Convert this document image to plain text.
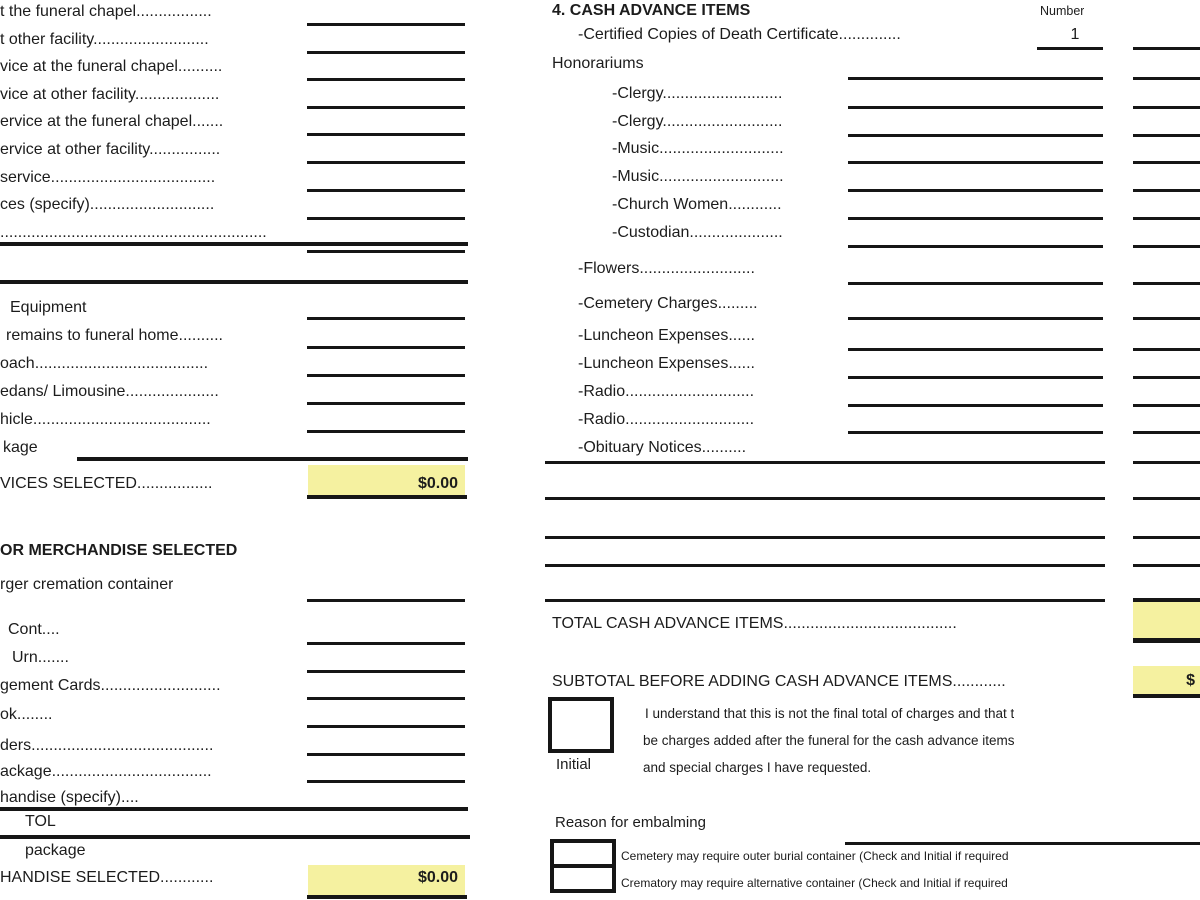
t the funeral chapel.................
t other facility..........................
vice at the funeral chapel..........
vice at other facility...................
ervice at the funeral chapel.......
ervice at other facility................
service.....................................
ces (specify)............................
............................................................
Equipment
remains to funeral home..........
oach.......................................
edans/ Limousine.....................
hicle........................................
kage
VICES SELECTED.................	$0.00
OR MERCHANDISE SELECTED
rger cremation container
Cont....
Urn.......
gement Cards...........................
ok........
ders.........................................
ackage....................................
handise (specify)....
TOL
package
HANDISE SELECTED............	$0.00
4. CASH ADVANCE ITEMS	Number
-Certified Copies of Death Certificate..............	1
Honorariums
-Clergy...........................
-Clergy...........................
-Music............................
-Music............................
-Church Women............
-Custodian.....................
-Flowers..........................
-Cemetery Charges.........
-Luncheon Expenses......
-Luncheon Expenses......
-Radio.............................
-Radio.............................
-Obituary Notices..........
TOTAL CASH ADVANCE ITEMS.......................................
SUBTOTAL BEFORE ADDING CASH ADVANCE ITEMS............	$
Initial
I understand that this is not the final total of charges and that t
be charges added after the funeral for the cash advance items
and special charges I have requested.
Reason for embalming
Cemetery may require outer burial container (Check and Initial if required
Crematory may require alternative container (Check and Initial if required
